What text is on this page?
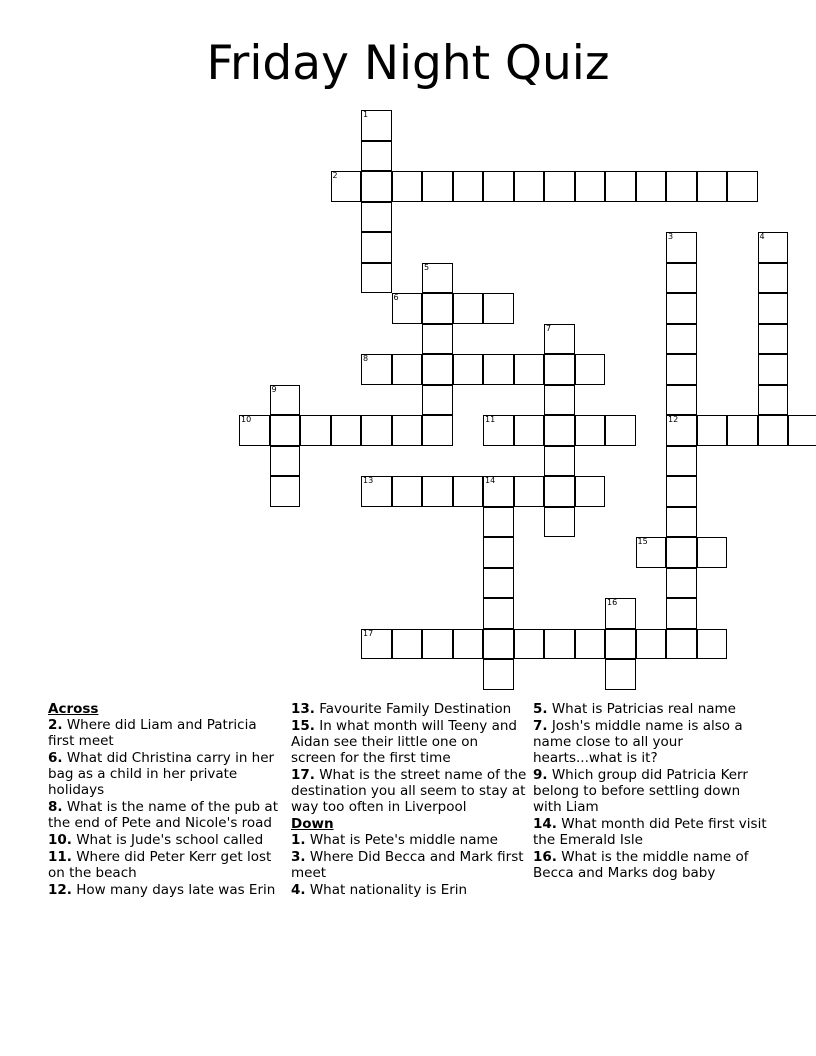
Friday Night Quiz
1
2
3
12
4
5
6
7
8
9
10	11
13	14
15
16
17

Across

2. Where did Liam and Patricia first meet

6. What did Christina carry in her bag as a child in her private holidays

8. What is the name of the pub at the end of Pete and Nicole's road

10. What is Jude's school called

11. Where did Peter Kerr get lost on the beach

12. How many days late was Erin

13. Favourite Family Destination

15. In what month will Teeny and Aidan see their little one on screen for the first time

17. What is the street name of the destination you all seem to stay at way too often in Liverpool

Down

1. What is Pete's middle name

3. Where Did Becca and Mark first meet

4. What nationality is Erin

5. What is Patricias real name

7. Josh's middle name is also a name close to all your hearts...what is it?

9. Which group did Patricia Kerr belong to before settling down with Liam

14. What month did Pete first visit the Emerald Isle

16. What is the middle name of Becca and Marks dog baby
